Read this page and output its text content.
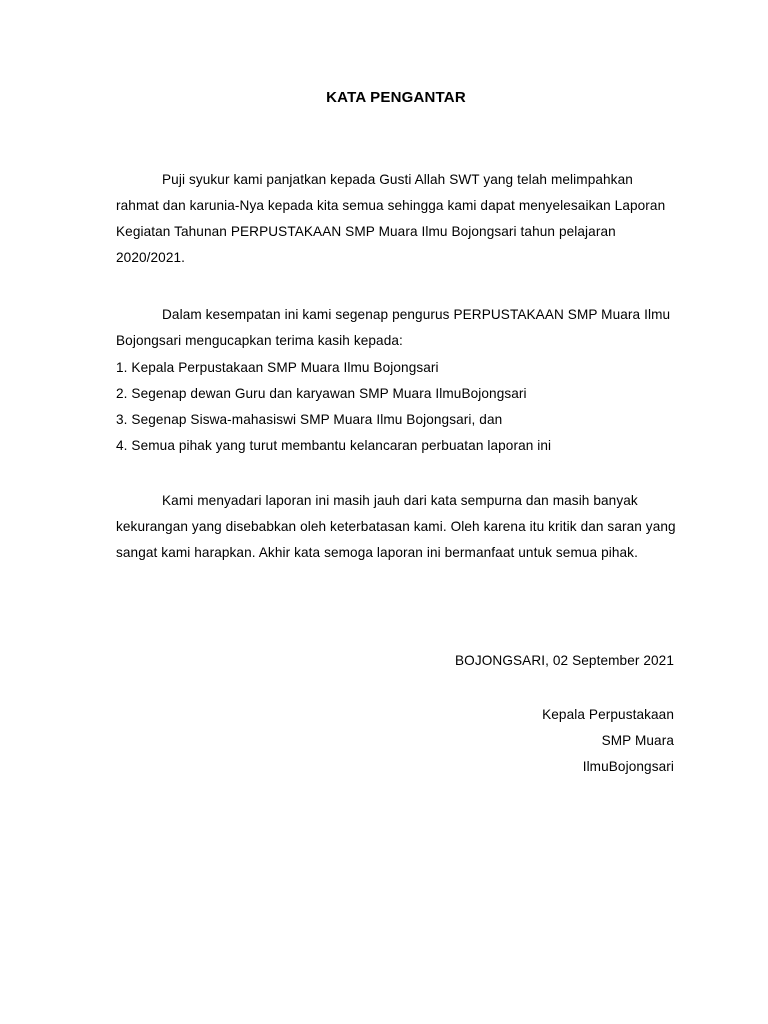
KATA PENGANTAR

Puji syukur kami panjatkan kepada Gusti Allah SWT yang telah melimpahkan rahmat dan karunia-Nya kepada kita semua sehingga kami dapat menyelesaikan Laporan Kegiatan Tahunan PERPUSTAKAAN SMP Muara Ilmu Bojongsari tahun pelajaran 2020/2021.

Dalam kesempatan ini kami segenap pengurus PERPUSTAKAAN SMP Muara Ilmu Bojongsari mengucapkan terima kasih kepada:

1. Kepala Perpustakaan SMP Muara Ilmu Bojongsari
2. Segenap dewan Guru dan karyawan SMP Muara IlmuBojongsari
3. Segenap Siswa-mahasiswi SMP Muara Ilmu Bojongsari, dan
4. Semua pihak yang turut membantu kelancaran perbuatan laporan ini

Kami menyadari laporan ini masih jauh dari kata sempurna dan masih banyak kekurangan yang disebabkan oleh keterbatasan kami. Oleh karena itu kritik dan saran yang sangat kami harapkan. Akhir kata semoga laporan ini bermanfaat untuk semua pihak.

BOJONGSARI, 02 September 2021
Kepala Perpustakaan
SMP Muara
IlmuBojongsari
